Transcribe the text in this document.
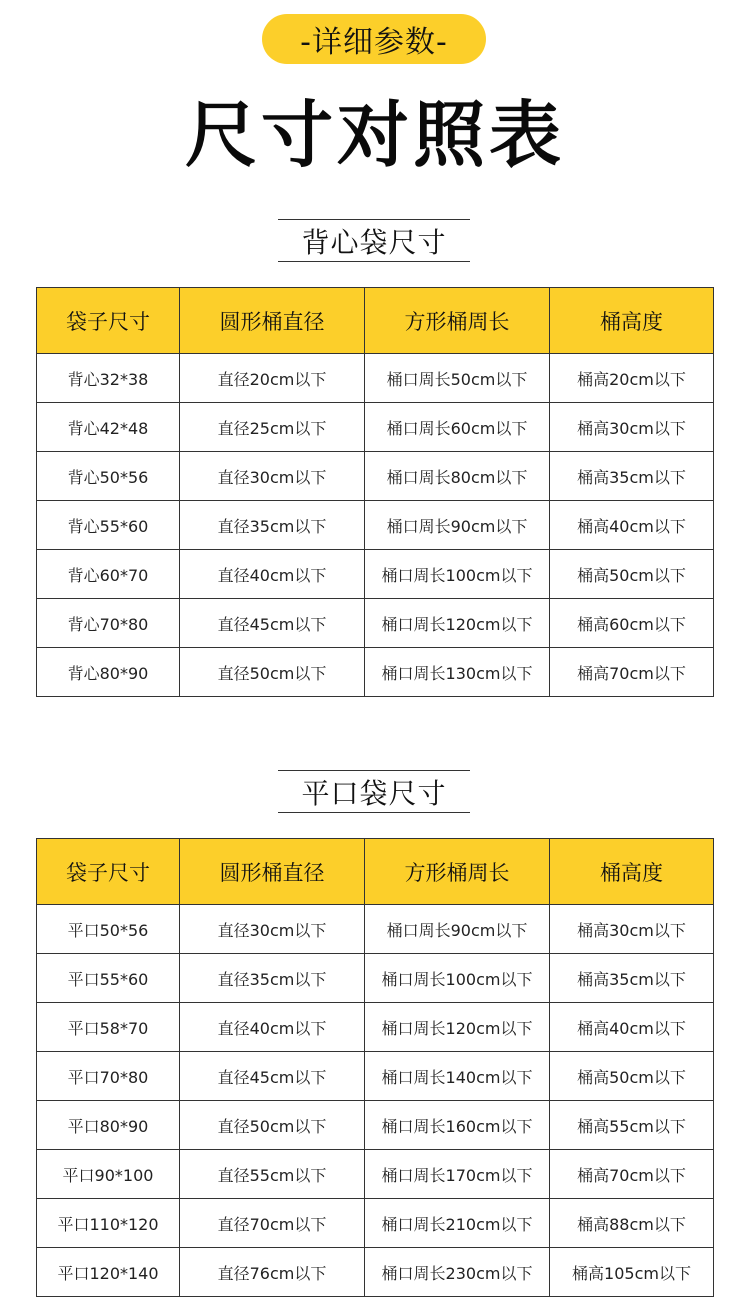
-详细参数-
尺寸对照表
背心袋尺寸
袋子尺寸	圆形桶直径	方形桶周长	桶高度
背心32*38	直径20cm以下	桶口周长50cm以下	桶高20cm以下
背心42*48	直径25cm以下	桶口周长60cm以下	桶高30cm以下
背心50*56	直径30cm以下	桶口周长80cm以下	桶高35cm以下
背心55*60	直径35cm以下	桶口周长90cm以下	桶高40cm以下
背心60*70	直径40cm以下	桶口周长100cm以下	桶高50cm以下
背心70*80	直径45cm以下	桶口周长120cm以下	桶高60cm以下
背心80*90	直径50cm以下	桶口周长130cm以下	桶高70cm以下
平口袋尺寸
袋子尺寸	圆形桶直径	方形桶周长	桶高度
平口50*56	直径30cm以下	桶口周长90cm以下	桶高30cm以下
平口55*60	直径35cm以下	桶口周长100cm以下	桶高35cm以下
平口58*70	直径40cm以下	桶口周长120cm以下	桶高40cm以下
平口70*80	直径45cm以下	桶口周长140cm以下	桶高50cm以下
平口80*90	直径50cm以下	桶口周长160cm以下	桶高55cm以下
平口90*100	直径55cm以下	桶口周长170cm以下	桶高70cm以下
平口110*120	直径70cm以下	桶口周长210cm以下	桶高88cm以下
平口120*140	直径76cm以下	桶口周长230cm以下	桶高105cm以下
